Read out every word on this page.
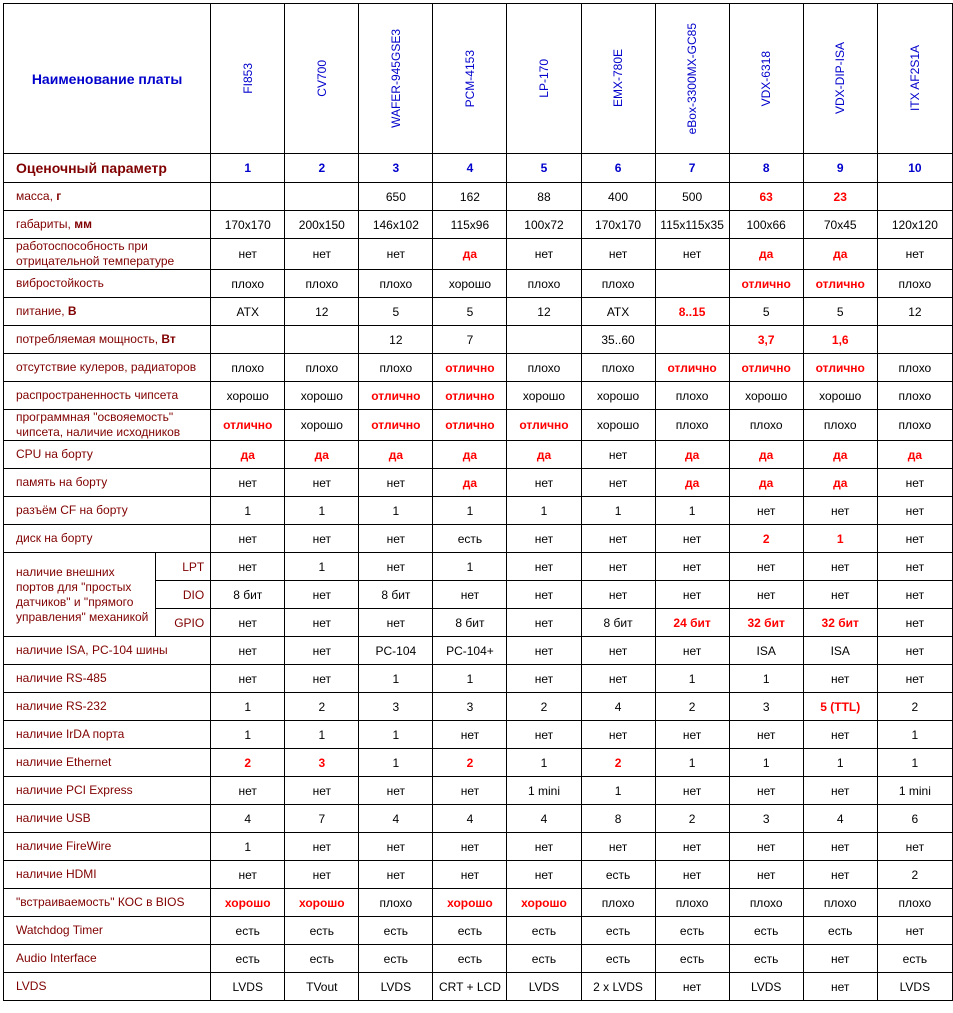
Наименование платы		FI853	CV700	WAFER-945GSE3	PCM-4153	LP-170	EMX-780E	eBox-3300MX-GC85	VDX-6318	VDX-DIP-ISA	ITX AF2S1A

Оценочный параметр		1	2	3	4	5	6	7	8	9	10
масса, г				650	162	88	400	500	63	23	
габариты, мм		170x170	200x150	146x102	115x96	100x72	170x170	115x115x35	100x66	70x45	120x120
работоспособность при отрицательной температуре		нет	нет	нет	да	нет	нет	нет	да	да	нет
вибростойкость		плохо	плохо	плохо	хорошо	плохо	плохо		отлично	отлично	плохо
питание, В		ATX	12	5	5	12	ATX	8..15	5	5	12
потребляемая мощность, Вт				12	7		35..60		3,7	1,6	
отсутствие кулеров, радиаторов		плохо	плохо	плохо	отлично	плохо	плохо	отлично	отлично	отлично	плохо
распространенность чипсета		хорошо	хорошо	отлично	отлично	хорошо	хорошо	плохо	хорошо	хорошо	плохо
программная "освояемость" чипсета, наличие исходников		отлично	хорошо	отлично	отлично	отлично	хорошо	плохо	плохо	плохо	плохо
CPU на борту		да	да	да	да	да	нет	да	да	да	да
память на борту		нет	нет	нет	да	нет	нет	да	да	да	нет
разъём CF на борту		1	1	1	1	1	1	1	нет	нет	нет
диск на борту		нет	нет	нет	есть	нет	нет	нет	2	1	нет
наличие внешних портов для "простых датчиков" и "прямого управления" механикой	LPT	нет	1	нет	1	нет	нет	нет	нет	нет	нет
	DIO	8 бит	нет	8 бит	нет	нет	нет	нет	нет	нет	нет
	GPIO	нет	нет	нет	8 бит	нет	8 бит	24 бит	32 бит	32 бит	нет
наличие ISA, PC-104 шины		нет	нет	PC-104	PC-104+	нет	нет	нет	ISA	ISA	нет
наличие RS-485		нет	нет	1	1	нет	нет	1	1	нет	нет
наличие RS-232		1	2	3	3	2	4	2	3	5 (TTL)	2
наличие IrDA порта		1	1	1	нет	нет	нет	нет	нет	нет	1
наличие Ethernet		2	3	1	2	1	2	1	1	1	1
наличие PCI Express		нет	нет	нет	нет	1 mini	1	нет	нет	нет	1 mini
наличие USB		4	7	4	4	4	8	2	3	4	6
наличие FireWire		1	нет	нет	нет	нет	нет	нет	нет	нет	нет
наличие HDMI		нет	нет	нет	нет	нет	есть	нет	нет	нет	2
"встраиваемость" КОС в BIOS		хорошо	хорошо	плохо	хорошо	хорошо	плохо	плохо	плохо	плохо	плохо
Watchdog Timer		есть	есть	есть	есть	есть	есть	есть	есть	есть	нет
Audio Interface		есть	есть	есть	есть	есть	есть	есть	есть	нет	есть
LVDS		LVDS	TVout	LVDS	CRT + LCD	LVDS	2 x LVDS	нет	LVDS	нет	LVDS
